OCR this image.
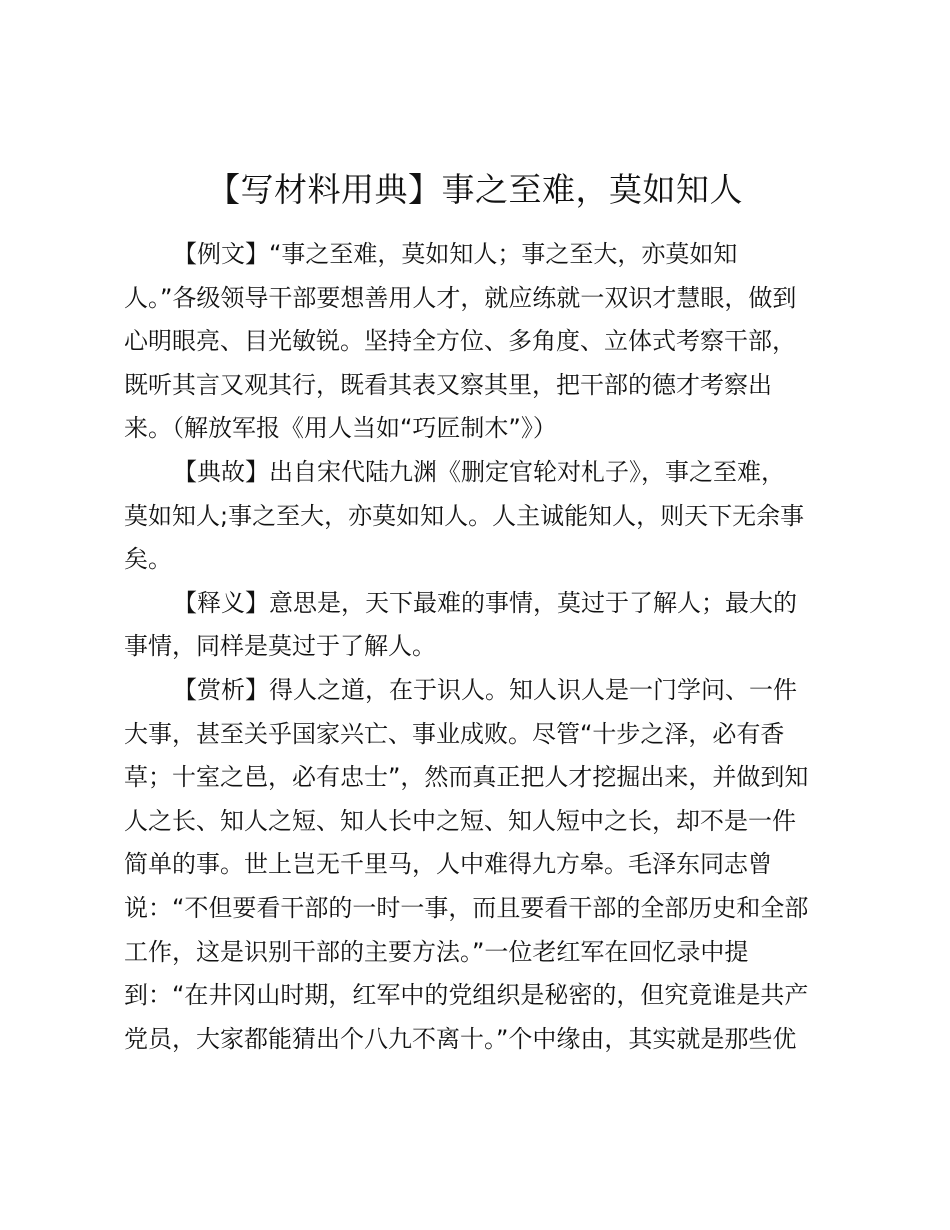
【写材料用典】事之至难，莫如知人
【例文】“事之至难，莫如知人；事之至大，亦莫如知
人。”各级领导干部要想善用人才，就应练就一双识才慧眼，做到
心明眼亮、目光敏锐。坚持全方位、多角度、立体式考察干部，
既听其言又观其行，既看其表又察其里，把干部的德才考察出
来。（解放军报《用人当如“巧匠制木”》）
【典故】出自宋代陆九渊《删定官轮对札子》，事之至难，
莫如知人;事之至大，亦莫如知人。人主诚能知人，则天下无余事
矣。
【释义】意思是，天下最难的事情，莫过于了解人；最大的
事情，同样是莫过于了解人。
【赏析】得人之道，在于识人。知人识人是一门学问、一件
大事，甚至关乎国家兴亡、事业成败。尽管“十步之泽，必有香
草；十室之邑，必有忠士”，然而真正把人才挖掘出来，并做到知
人之长、知人之短、知人长中之短、知人短中之长，却不是一件
简单的事。世上岂无千里马，人中难得九方皋。毛泽东同志曾
说：“不但要看干部的一时一事，而且要看干部的全部历史和全部
工作，这是识别干部的主要方法。”一位老红军在回忆录中提
到：“在井冈山时期，红军中的党组织是秘密的，但究竟谁是共产
党员，大家都能猜出个八九不离十。”个中缘由，其实就是那些优
